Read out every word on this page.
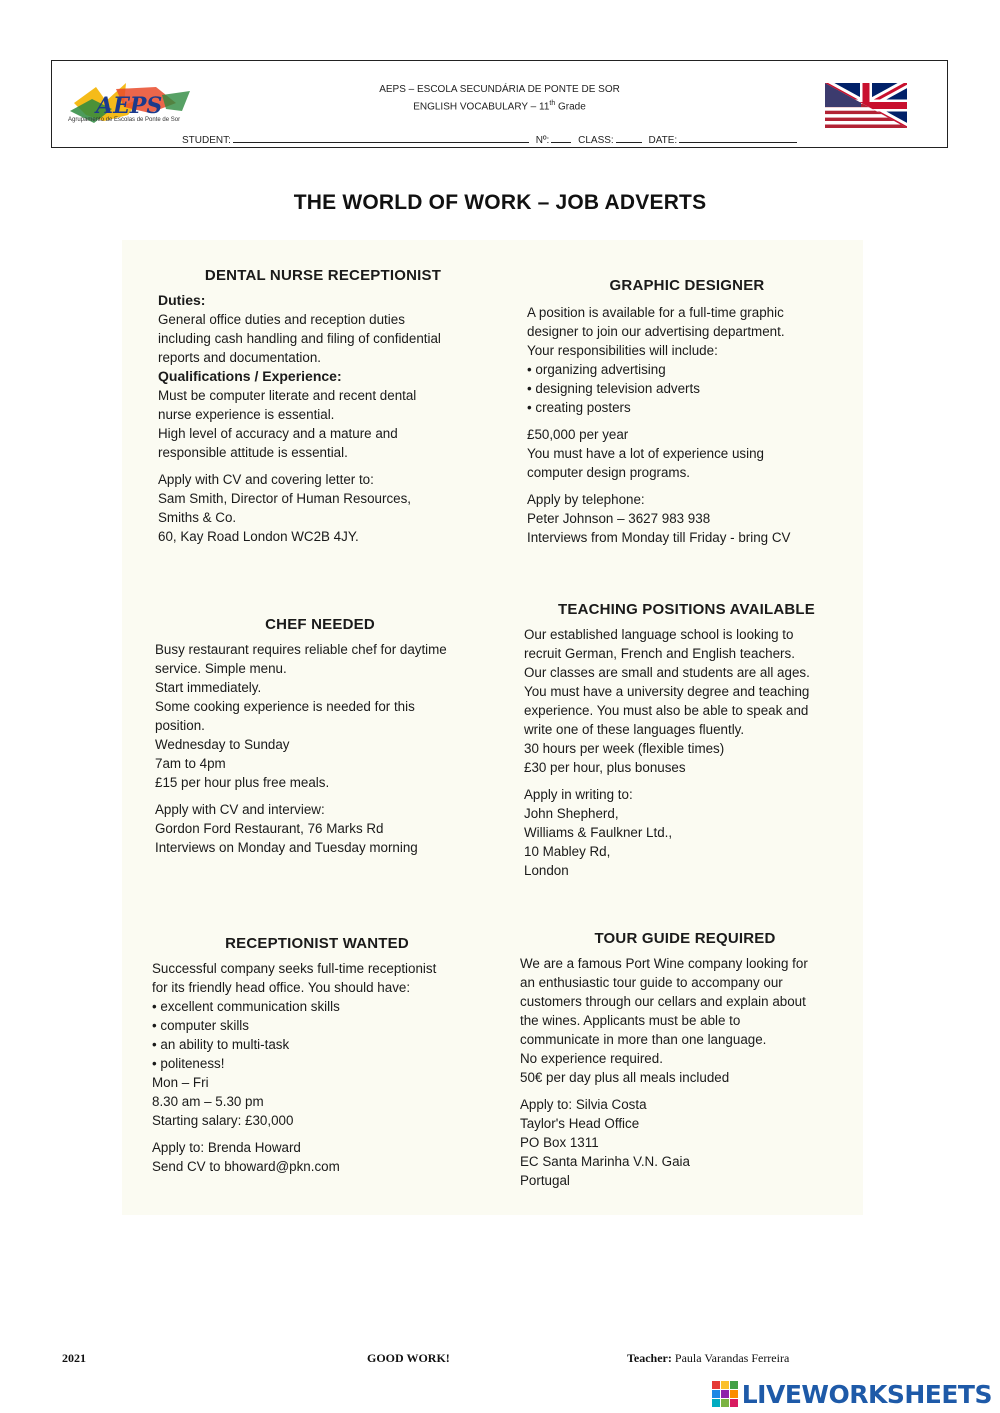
AEPS
Agrupamento de Escolas de Ponte de Sor
AEPS – ESCOLA SECUNDÁRIA DE PONTE DE SOR
ENGLISH VOCABULARY – 11th Grade
STUDENT:	Nº:	CLASS:	DATE:
THE WORLD OF WORK – JOB ADVERTS
DENTAL NURSE RECEPTIONIST
Duties:

General office duties and reception duties

including cash handling and filing of confidential

reports and documentation.

Qualifications / Experience:

Must be computer literate and recent dental

nurse experience is essential.

High level of accuracy and a mature and

responsible attitude is essential.

Apply with CV and covering letter to:

Sam Smith, Director of Human Resources,

Smiths & Co.

60, Kay Road London WC2B 4JY.

GRAPHIC DESIGNER

A position is available for a full-time graphic

designer to join our advertising department.

Your responsibilities will include:

• organizing advertising

• designing television adverts

• creating posters

£50,000 per year

You must have a lot of experience using

computer design programs.

Apply by telephone:

Peter Johnson – 3627 983 938

Interviews from Monday till Friday - bring CV

CHEF NEEDED

Busy restaurant requires reliable chef for daytime

service. Simple menu.

Start immediately.

Some cooking experience is needed for this

position.

Wednesday to Sunday

7am to 4pm

£15 per hour plus free meals.

Apply with CV and interview:

Gordon Ford Restaurant, 76 Marks Rd

Interviews on Monday and Tuesday morning

TEACHING POSITIONS AVAILABLE

Our established language school is looking to

recruit German, French and English teachers.

Our classes are small and students are all ages.

You must have a university degree and teaching

experience. You must also be able to speak and

write one of these languages fluently.

30 hours per week (flexible times)

£30 per hour, plus bonuses

Apply in writing to:

John Shepherd,

Williams & Faulkner Ltd.,

10 Mabley Rd,

London

RECEPTIONIST WANTED

Successful company seeks full-time receptionist

for its friendly head office. You should have:

• excellent communication skills

• computer skills

• an ability to multi-task

• politeness!

Mon – Fri

8.30 am – 5.30 pm

Starting salary: £30,000

Apply to: Brenda Howard

Send CV to bhoward@pkn.com

TOUR GUIDE REQUIRED

We are a famous Port Wine company looking for

an enthusiastic tour guide to accompany our

customers through our cellars and explain about

the wines. Applicants must be able to

communicate in more than one language.

No experience required.

50€ per day plus all meals included

Apply to: Silvia Costa

Taylor's Head Office

PO Box 1311

EC Santa Marinha V.N. Gaia

Portugal

2021	GOOD WORK!	Teacher: Paula Varandas Ferreira
LIVEWORKSHEETS
